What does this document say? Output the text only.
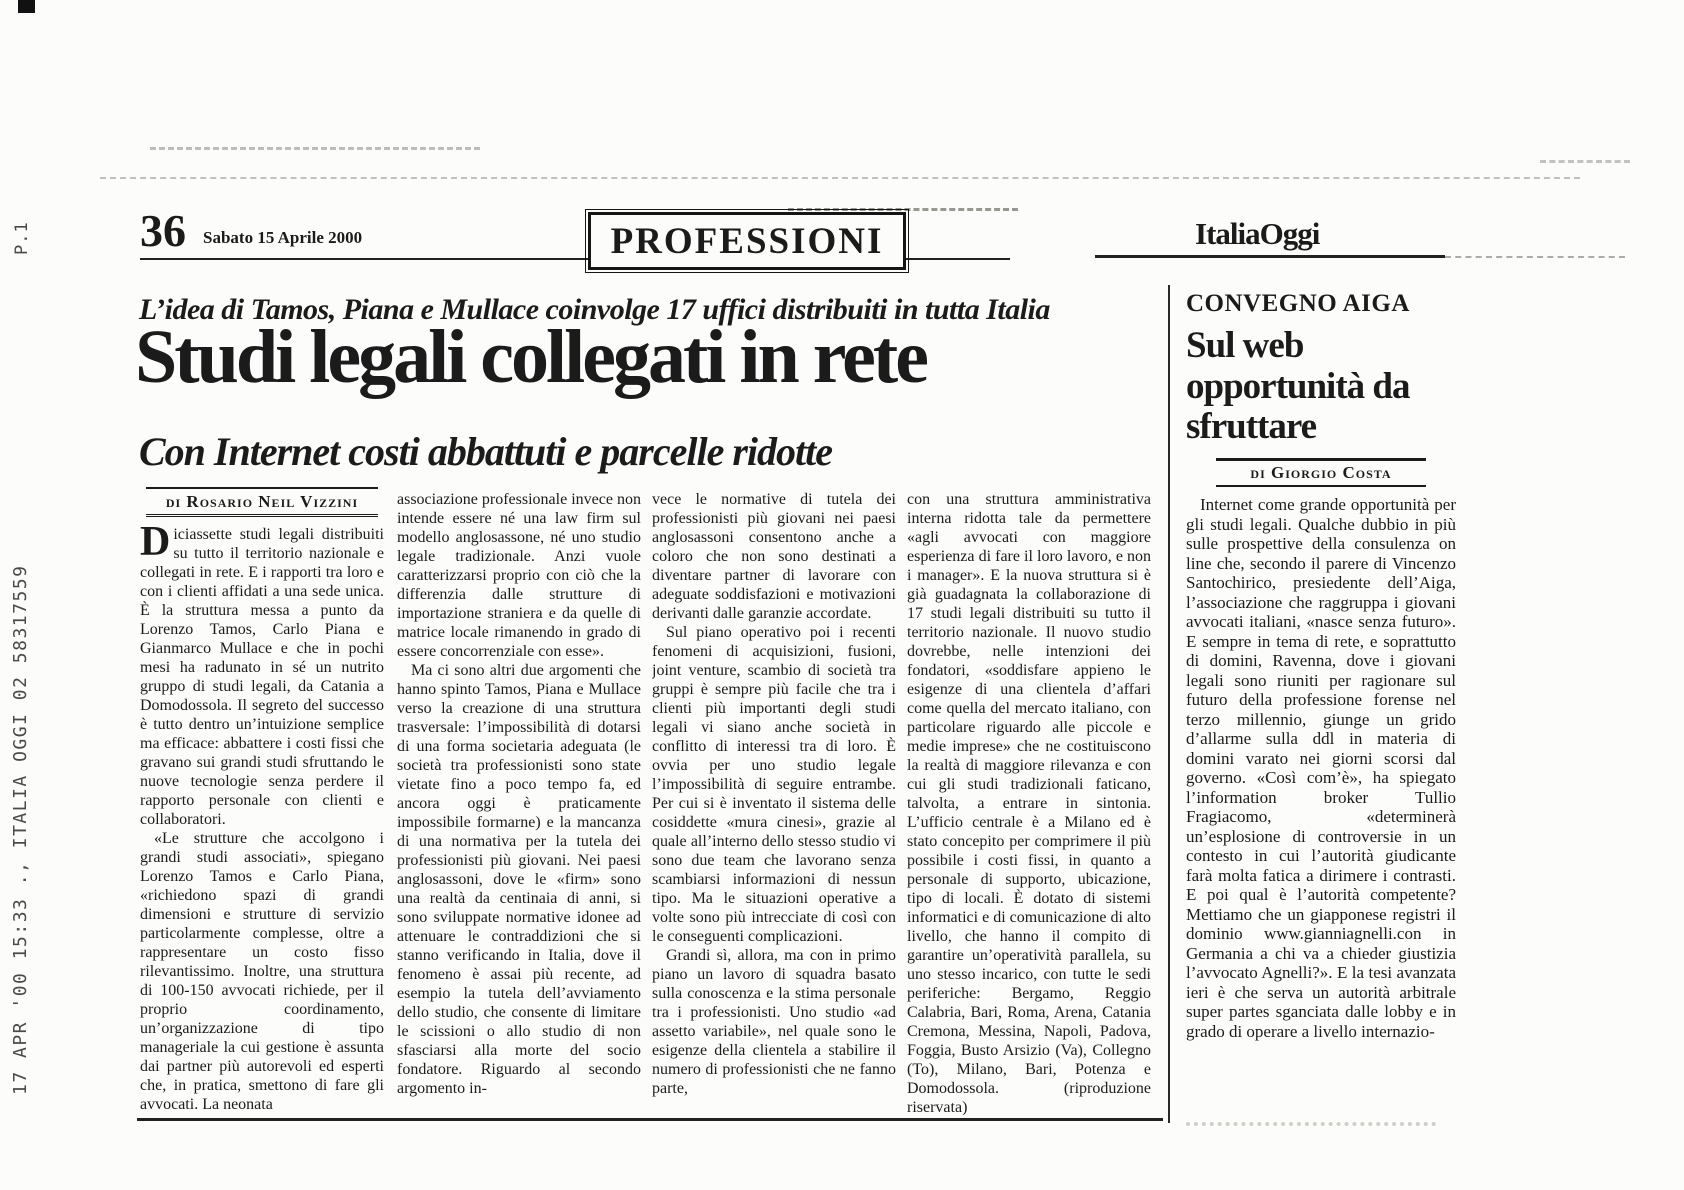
P.1
17 APR '00 15:33 ., ITALIA OGGI 02 58317559
36 Sabato 15 Aprile 2000	PROFESSIONI	ItaliaOggi
L’idea di Tamos, Piana e Mullace coinvolge 17 uffici distribuiti in tutta Italia
Studi legali collegati in rete
Con Internet costi abbattuti e parcelle ridotte
di Rosario Neil Vizzini

Diciassette studi legali distribuiti su tutto il territorio nazionale e collegati in rete. E i rapporti tra loro e con i clienti affidati a una sede unica. È la struttura messa a punto da Lorenzo Tamos, Carlo Piana e Gianmarco Mullace e che in pochi mesi ha radunato in sé un nutrito gruppo di studi legali, da Catania a Domodossola. Il segreto del successo è tutto dentro un’intuizione semplice ma efficace: abbattere i costi fissi che gravano sui grandi studi sfruttando le nuove tecnologie senza perdere il rapporto personale con clienti e collaboratori.

«Le strutture che accolgono i grandi studi associati», spiegano Lorenzo Tamos e Carlo Piana, «richiedono spazi di grandi dimensioni e strutture di servizio particolarmente complesse, oltre a rappresentare un costo fisso rilevantissimo. Inoltre, una struttura di 100-150 avvocati richiede, per il proprio coordinamento, un’organizzazione di tipo manageriale la cui gestione è assunta dai partner più autorevoli ed esperti che, in pratica, smettono di fare gli avvocati. La neonata

associazione professionale invece non intende essere né una law firm sul modello anglosassone, né uno studio legale tradizionale. Anzi vuole caratterizzarsi proprio con ciò che la differenzia dalle strutture di importazione straniera e da quelle di matrice locale rimanendo in grado di essere concorrenziale con esse».

Ma ci sono altri due argomenti che hanno spinto Tamos, Piana e Mullace verso la creazione di una struttura trasversale: l’impossibilità di dotarsi di una forma societaria adeguata (le società tra professionisti sono state vietate fino a poco tempo fa, ed ancora oggi è praticamente impossibile formarne) e la mancanza di una normativa per la tutela dei professionisti più giovani. Nei paesi anglosassoni, dove le «firm» sono una realtà da centinaia di anni, si sono sviluppate normative idonee ad attenuare le contraddizioni che si stanno verificando in Italia, dove il fenomeno è assai più recente, ad esempio la tutela dell’avviamento dello studio, che consente di limitare le scissioni o allo studio di non sfasciarsi alla morte del socio fondatore. Riguardo al secondo argomento in-

vece le normative di tutela dei professionisti più giovani nei paesi anglosassoni consentono anche a coloro che non sono destinati a diventare partner di lavorare con adeguate soddisfazioni e motivazioni derivanti dalle garanzie accordate.

Sul piano operativo poi i recenti fenomeni di acquisizioni, fusioni, joint venture, scambio di società tra gruppi è sempre più facile che tra i clienti più importanti degli studi legali vi siano anche società in conflitto di interessi tra di loro. È ovvia per uno studio legale l’impossibilità di seguire entrambe. Per cui si è inventato il sistema delle cosiddette «mura cinesi», grazie al quale all’interno dello stesso studio vi sono due team che lavorano senza scambiarsi informazioni di nessun tipo. Ma le situazioni operative a volte sono più intrecciate di così con le conseguenti complicazioni.

Grandi sì, allora, ma con in primo piano un lavoro di squadra basato sulla conoscenza e la stima personale tra i professionisti. Uno studio «ad assetto variabile», nel quale sono le esigenze della clientela a stabilire il numero di professionisti che ne fanno parte,

con una struttura amministrativa interna ridotta tale da permettere «agli avvocati con maggiore esperienza di fare il loro lavoro, e non i manager». E la nuova struttura si è già guadagnata la collaborazione di 17 studi legali distribuiti su tutto il territorio nazionale. Il nuovo studio dovrebbe, nelle intenzioni dei fondatori, «soddisfare appieno le esigenze di una clientela d’affari come quella del mercato italiano, con particolare riguardo alle piccole e medie imprese» che ne costituiscono la realtà di maggiore rilevanza e con cui gli studi tradizionali faticano, talvolta, a entrare in sintonia. L’ufficio centrale è a Milano ed è stato concepito per comprimere il più possibile i costi fissi, in quanto a personale di supporto, ubicazione, tipo di locali. È dotato di sistemi informatici e di comunicazione di alto livello, che hanno il compito di garantire un’operatività parallela, su uno stesso incarico, con tutte le sedi periferiche: Bergamo, Reggio Calabria, Bari, Roma, Arena, Catania Cremona, Messina, Napoli, Padova, Foggia, Busto Arsizio (Va), Collegno (To), Milano, Bari, Potenza e Domodossola. (riproduzione riservata)

CONVEGNO AIGA
Sul web opportunità da sfruttare
di Giorgio Costa

Internet come grande opportunità per gli studi legali. Qualche dubbio in più sulle prospettive della consulenza on line che, secondo il parere di Vincenzo Santochirico, presiedente dell’Aiga, l’associazione che raggruppa i giovani avvocati italiani, «nasce senza futuro». E sempre in tema di rete, e soprattutto di domini, Ravenna, dove i giovani legali sono riuniti per ragionare sul futuro della professione forense nel terzo millennio, giunge un grido d’allarme sulla ddl in materia di domini varato nei giorni scorsi dal governo. «Così com’è», ha spiegato l’information broker Tullio Fragiacomo, «determinerà un’esplosione di controversie in un contesto in cui l’autorità giudicante farà molta fatica a dirimere i contrasti. E poi qual è l’autorità competente? Mettiamo che un giapponese registri il dominio www.gianniagnelli.con in Germania a chi va a chieder giustizia l’avvocato Agnelli?». E la tesi avanzata ieri è che serva un autorità arbitrale super partes sganciata dalle lobby e in grado di operare a livello internazio-
